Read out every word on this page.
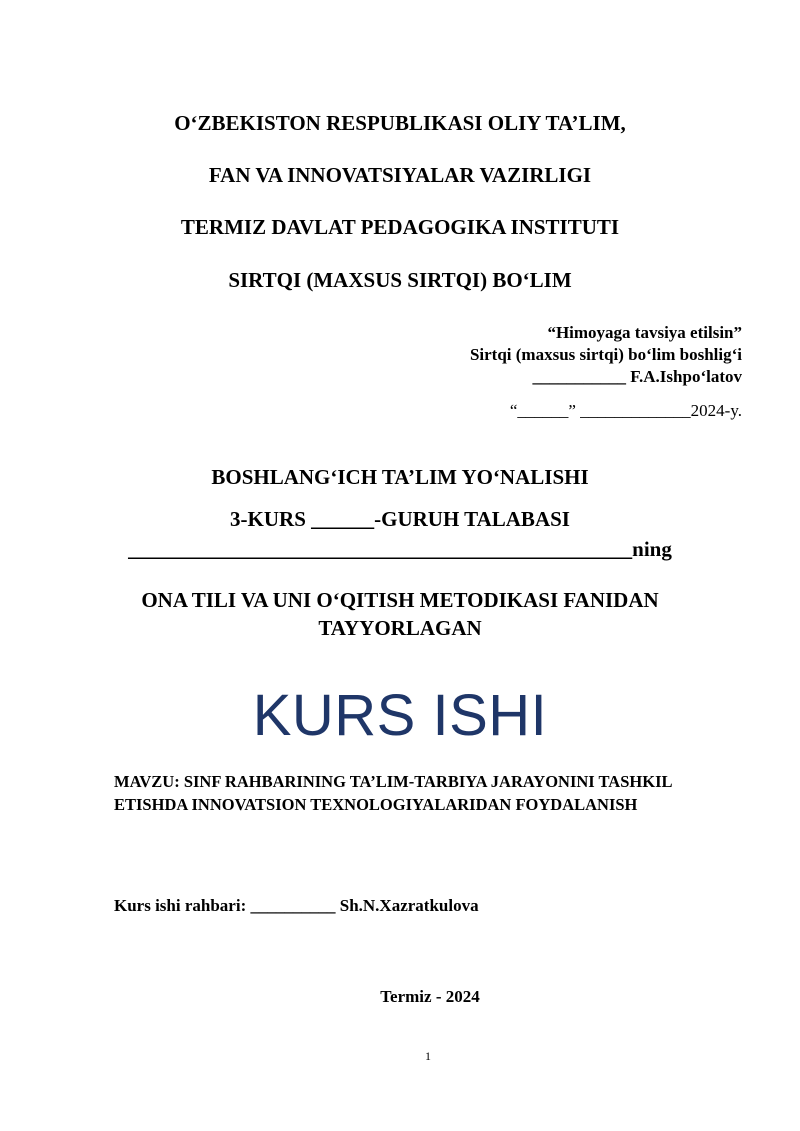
O‘ZBEKISTON RESPUBLIKASI OLIY TA’LIM,
FAN VA INNOVATSIYALAR VAZIRLIGI
TERMIZ DAVLAT PEDAGOGIKA INSTITUTI
SIRTQI (MAXSUS SIRTQI) BO‘LIM
“Himoyaga tavsiya etilsin”
Sirtqi (maxsus sirtqi) bo‘lim boshlig‘i
___________ F.A.Ishpo‘latov
“______” _____________2024-y.
BOSHLANG‘ICH TA’LIM YO‘NALISHI
3-KURS ______-GURUH TALABASI
________________________________________________ning
ONA TILI VA UNI O‘QITISH METODIKASI FANIDAN
TAYYORLAGAN
KURS ISHI
MAVZU: SINF RAHBARINING TA’LIM-TARBIYA JARAYONINI TASHKIL ETISHDA INNOVATSION TEXNOLOGIYALARIDAN FOYDALANISH
Kurs ishi rahbari: __________ Sh.N.Xazratkulova
Termiz - 2024
1
